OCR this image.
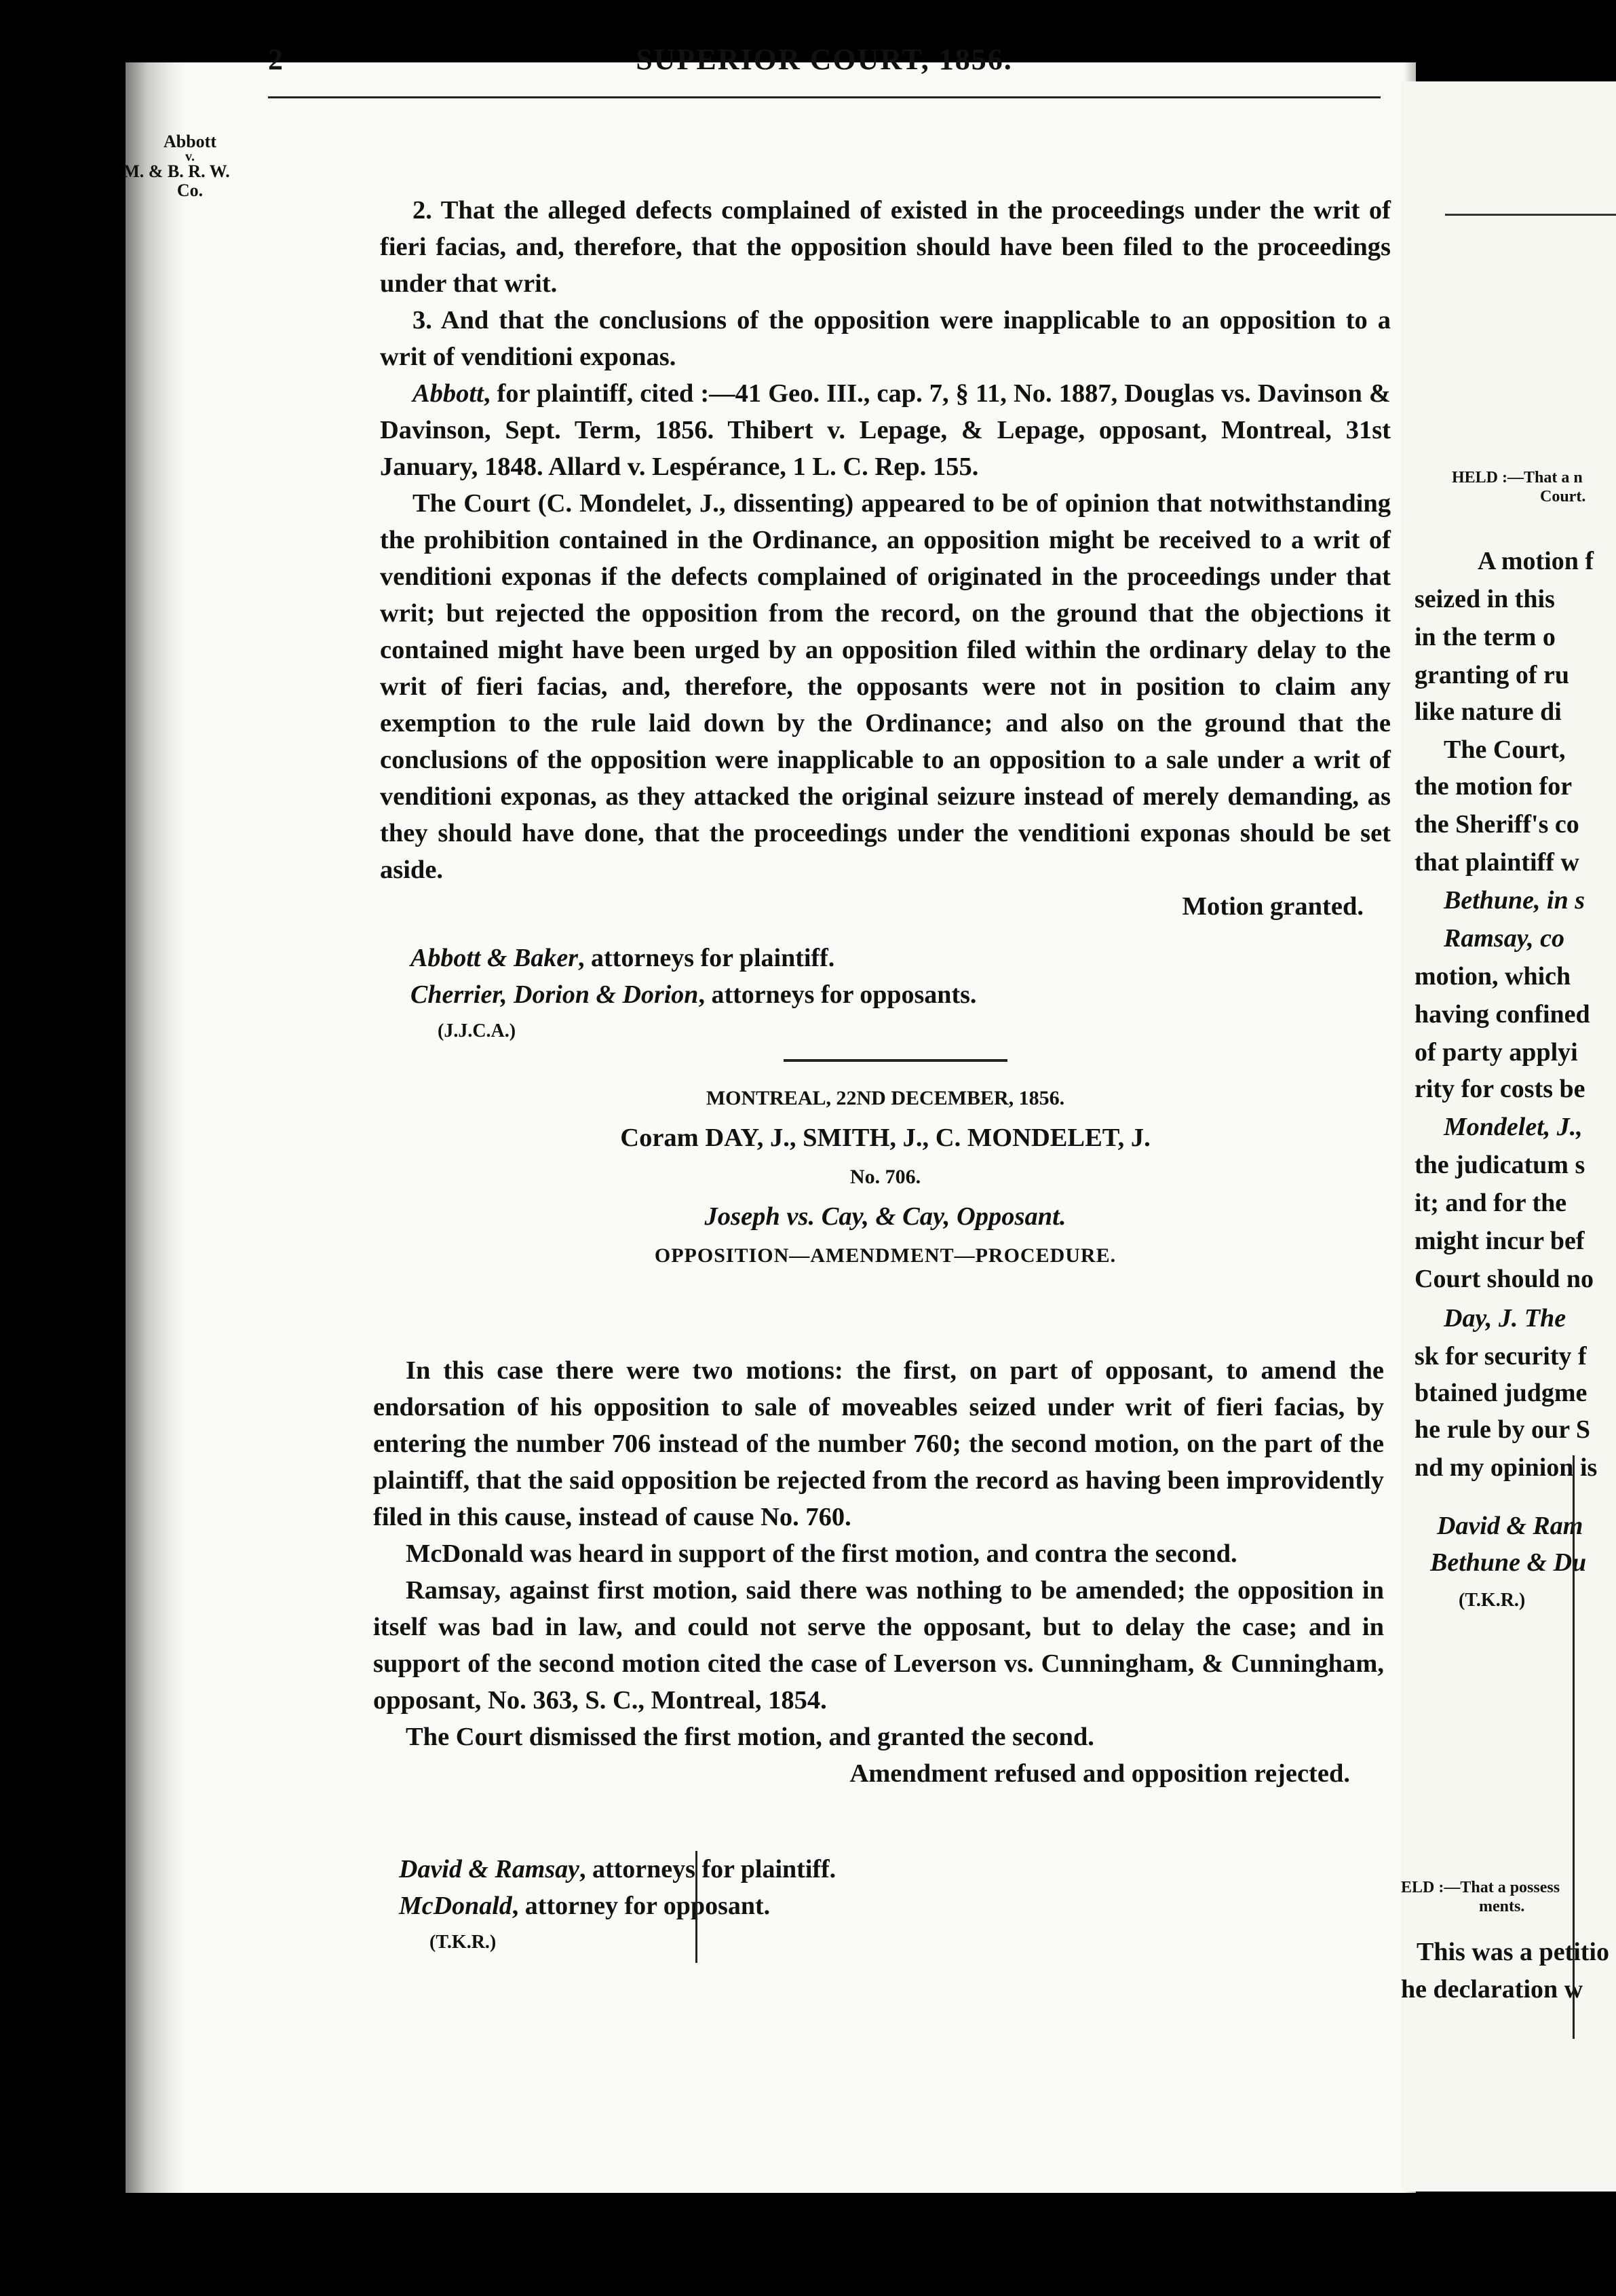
2	SUPERIOR COURT, 1856.
Abbott
v.
M. & B. R. W.
Co.

2. That the alleged defects complained of existed in the proceedings under the writ of fieri facias, and, therefore, that the opposition should have been filed to the proceedings under that writ.

3. And that the conclusions of the opposition were inapplicable to an opposition to a writ of venditioni exponas.

Abbott, for plaintiff, cited :—41 Geo. III., cap. 7, § 11, No. 1887, Douglas vs. Davinson & Davinson, Sept. Term, 1856. Thibert v. Lepage, & Lepage, opposant, Montreal, 31st January, 1848. Allard v. Lespérance, 1 L. C. Rep. 155.

The Court (C. Mondelet, J., dissenting) appeared to be of opinion that notwithstanding the prohibition contained in the Ordinance, an opposition might be received to a writ of venditioni exponas if the defects complained of originated in the proceedings under that writ; but rejected the opposition from the record, on the ground that the objections it contained might have been urged by an opposition filed within the ordinary delay to the writ of fieri facias, and, therefore, the opposants were not in position to claim any exemption to the rule laid down by the Ordinance; and also on the ground that the conclusions of the opposition were inapplicable to an opposition to a sale under a writ of venditioni exponas, as they attacked the original seizure instead of merely demanding, as they should have done, that the proceedings under the venditioni exponas should be set aside.

Motion granted.

Abbott & Baker, attorneys for plaintiff.
Cherrier, Dorion & Dorion, attorneys for opposants.
(J.J.C.A.)

MONTREAL, 22ND DECEMBER, 1856.

Coram DAY, J., SMITH, J., C. MONDELET, J.

No. 706.

Joseph vs. Cay, & Cay, Opposant.

OPPOSITION—AMENDMENT—PROCEDURE.

In this case there were two motions: the first, on part of opposant, to amend the endorsation of his opposition to sale of moveables seized under writ of fieri facias, by entering the number 706 instead of the number 760; the second motion, on the part of the plaintiff, that the said opposition be rejected from the record as having been improvidently filed in this cause, instead of cause No. 760.

McDonald was heard in support of the first motion, and contra the second.

Ramsay, against first motion, said there was nothing to be amended; the opposition in itself was bad in law, and could not serve the opposant, but to delay the case; and in support of the second motion cited the case of Leverson vs. Cunningham, & Cunningham, opposant, No. 363, S. C., Montreal, 1854.

The Court dismissed the first motion, and granted the second.

Amendment refused and opposition rejected.

David & Ramsay, attorneys for plaintiff.
McDonald, attorney for opposant.
(T.K.R.)
HELD :—That a n
Court.
A motion f
seized in this
in the term o
granting of ru
like nature di
The Court,
the motion for
the Sheriff's co
that plaintiff w
Bethune, in s
Ramsay, co
motion, which
having confined
of party applyi
rity for costs be
Mondelet, J.,
the judicatum s
it; and for the
might incur bef
Court should no
Day, J. The
sk for security f
btained judgme
he rule by our S
nd my opinion is
David & Ram
Bethune & Du
(T.K.R.)
ELD :—That a possess
ments.
This was a petitio
he declaration w
